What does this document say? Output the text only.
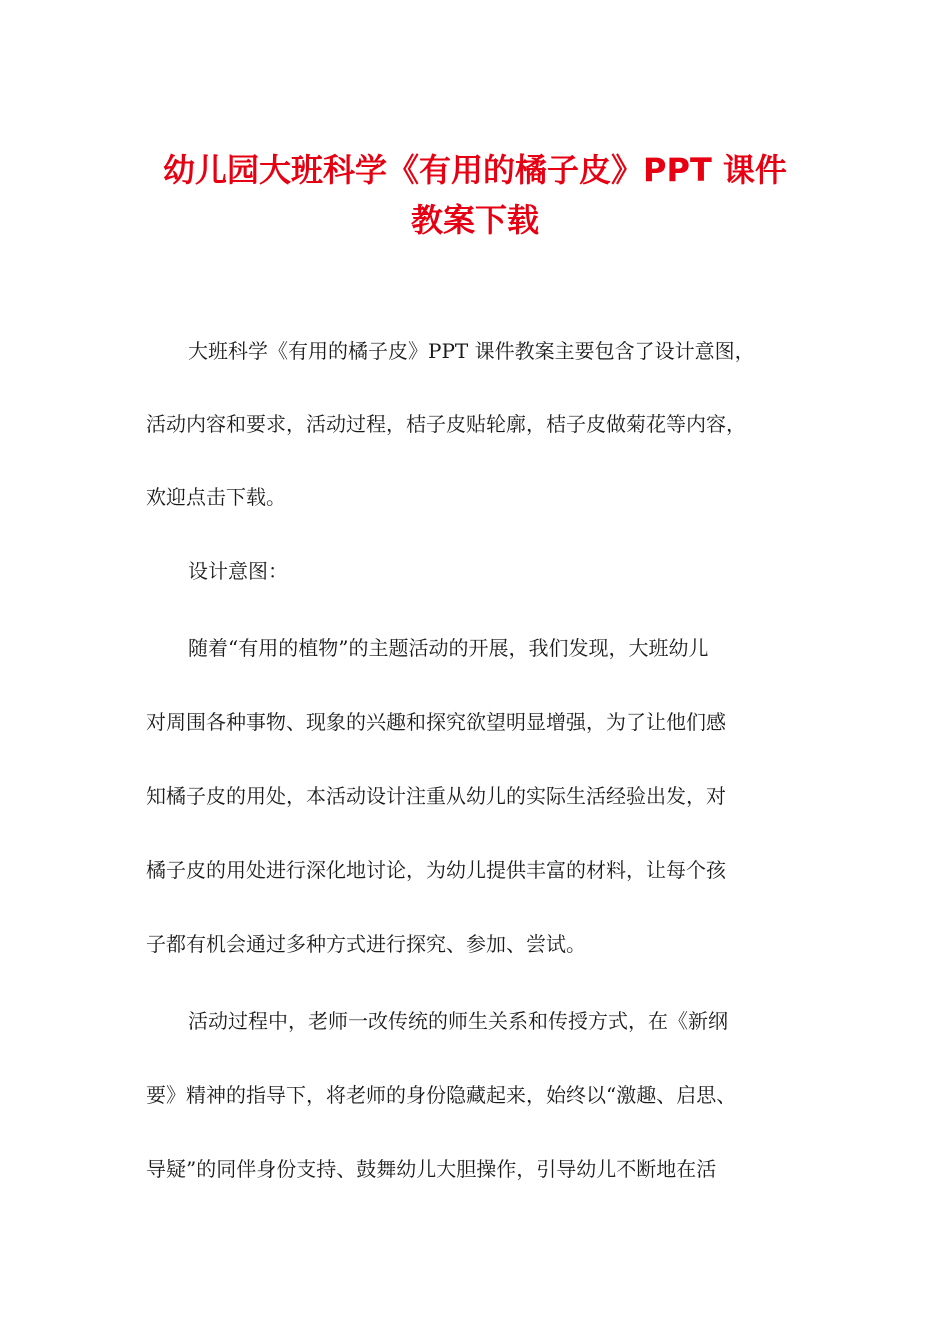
幼儿园大班科学《有用的橘子皮》PPT 课件
教案下载
大班科学《有用的橘子皮》PPT 课件教案主要包含了设计意图，
活动内容和要求，活动过程，桔子皮贴轮廓，桔子皮做菊花等内容，
欢迎点击下载。
设计意图：
随着“有用的植物”的主题活动的开展，我们发现，大班幼儿
对周围各种事物、现象的兴趣和探究欲望明显增强，为了让他们感
知橘子皮的用处，本活动设计注重从幼儿的实际生活经验出发，对
橘子皮的用处进行深化地讨论，为幼儿提供丰富的材料，让每个孩
子都有机会通过多种方式进行探究、参加、尝试。
活动过程中，老师一改传统的师生关系和传授方式，在《新纲
要》精神的指导下，将老师的身份隐藏起来，始终以“激趣、启思、
导疑”的同伴身份支持、鼓舞幼儿大胆操作，引导幼儿不断地在活
